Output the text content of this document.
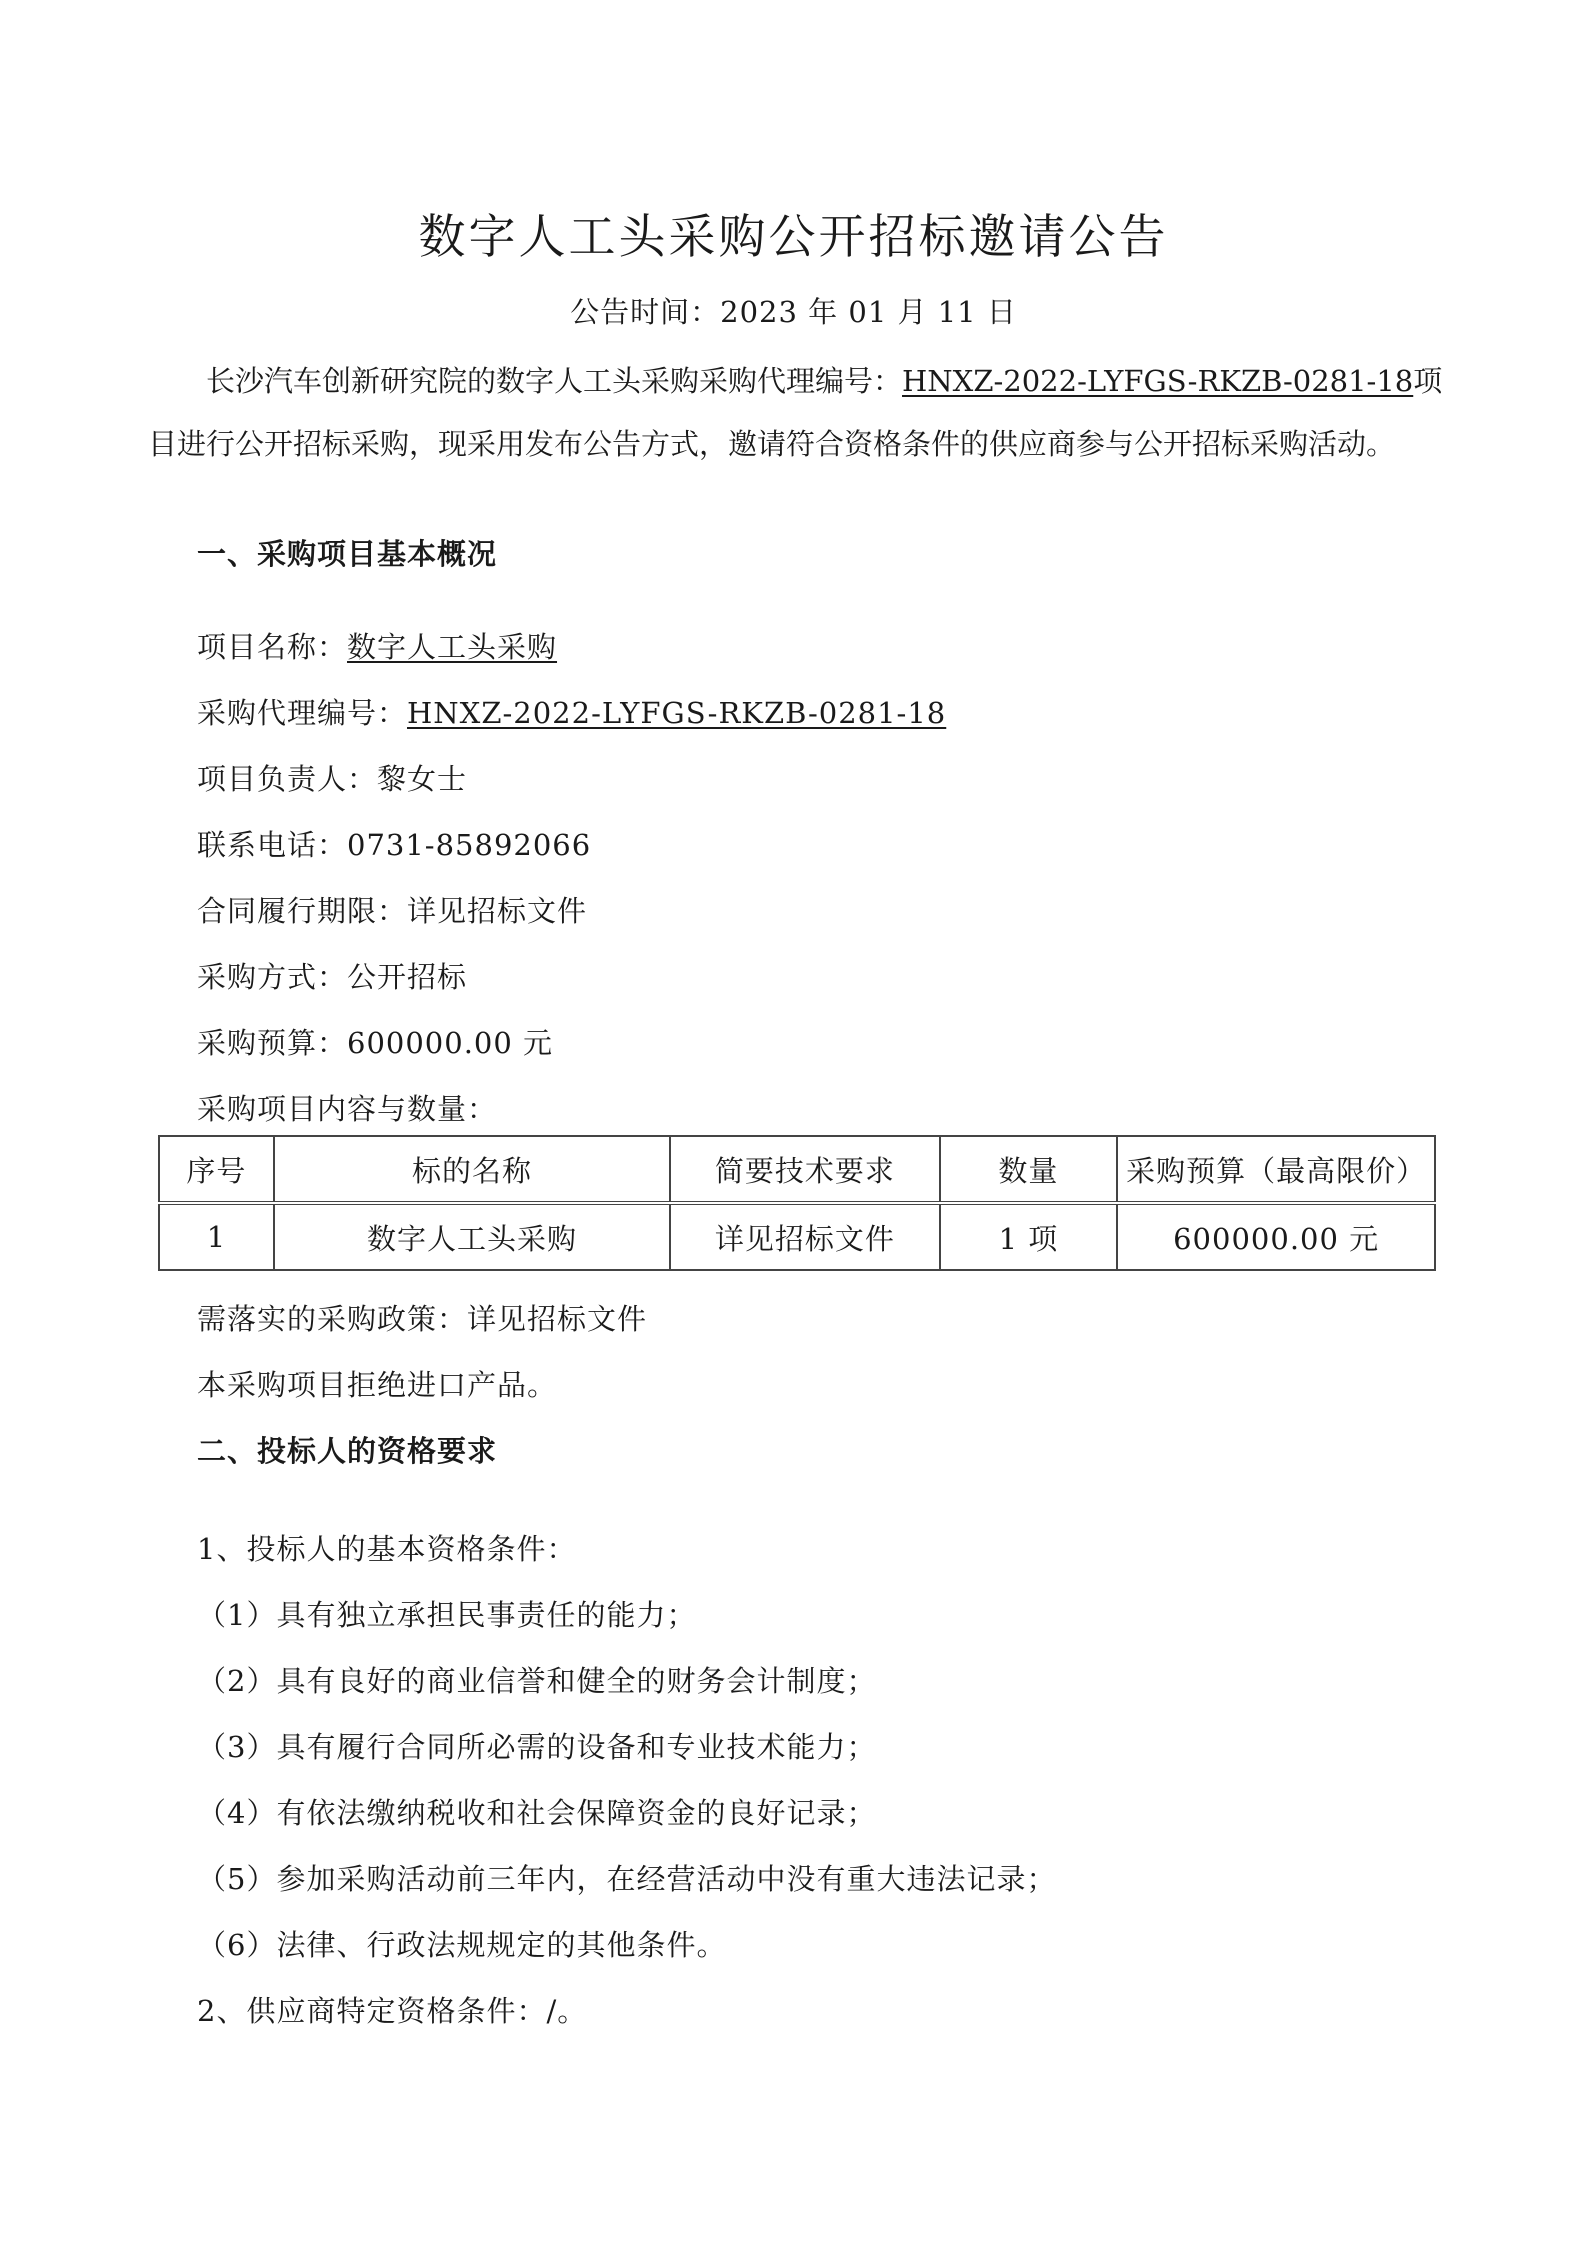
数字人工头采购公开招标邀请公告
公告时间：2023 年 01 月 11 日
长沙汽车创新研究院的数字人工头采购采购代理编号：HNXZ-2022-LYFGS-RKZB-0281-18项目进行公开招标采购，现采用发布公告方式，邀请符合资格条件的供应商参与公开招标采购活动。
一、采购项目基本概况
项目名称：数字人工头采购
采购代理编号：HNXZ-2022-LYFGS-RKZB-0281-18
项目负责人：黎女士
联系电话：0731-85892066
合同履行期限：详见招标文件
采购方式：公开招标
采购预算：600000.00 元
采购项目内容与数量：
序号	标的名称	简要技术要求	数量	采购预算（最高限价）
1	数字人工头采购	详见招标文件	1 项	600000.00 元
需落实的采购政策：详见招标文件
本采购项目拒绝进口产品。
二、投标人的资格要求
1、投标人的基本资格条件：
（1）具有独立承担民事责任的能力；
（2）具有良好的商业信誉和健全的财务会计制度；
（3）具有履行合同所必需的设备和专业技术能力；
（4）有依法缴纳税收和社会保障资金的良好记录；
（5）参加采购活动前三年内，在经营活动中没有重大违法记录；
（6）法律、行政法规规定的其他条件。
2、供应商特定资格条件：/。
